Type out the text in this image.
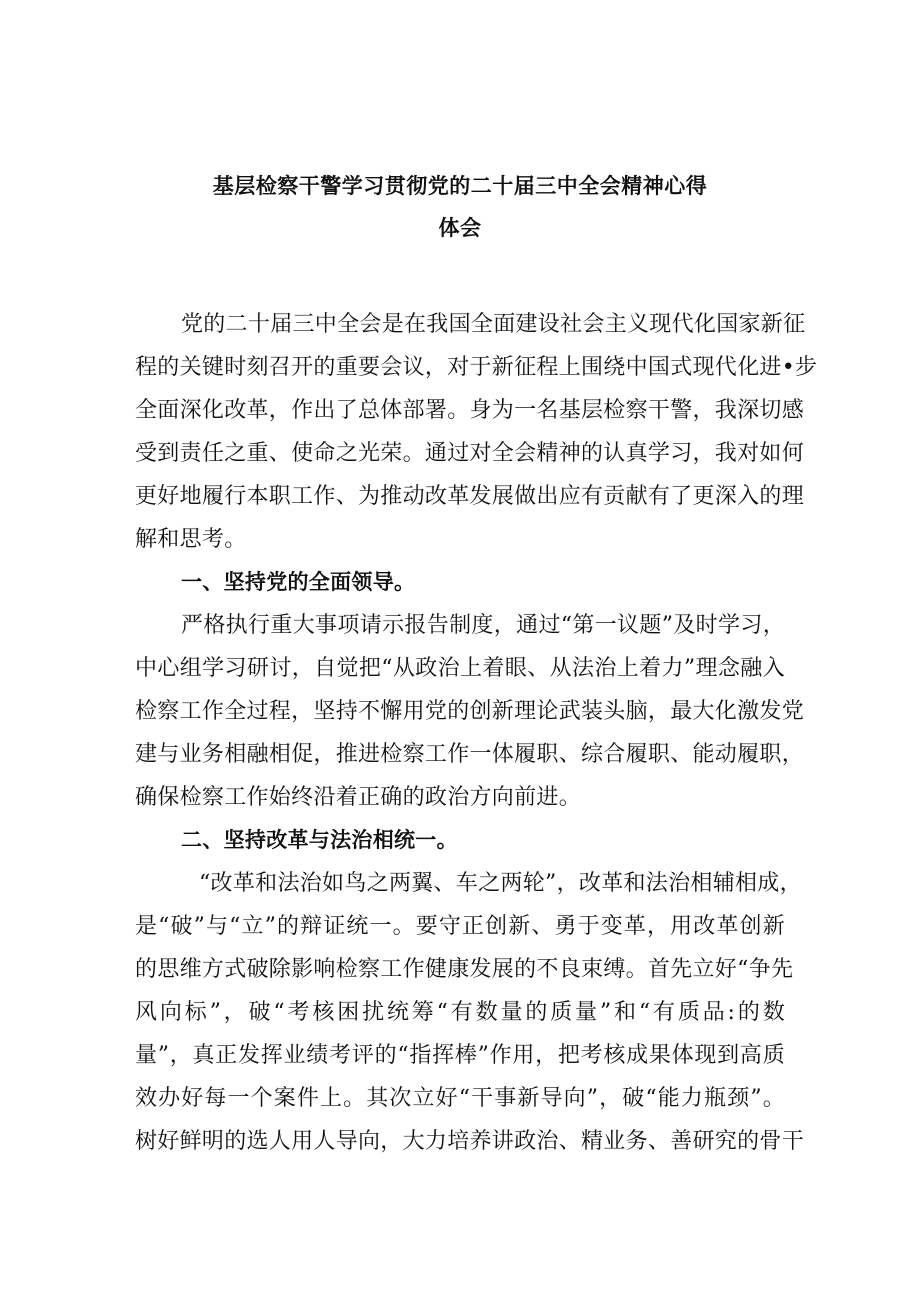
基层检察干警学习贯彻党的二十届三中全会精神心得
体会
党的二十届三中全会是在我国全面建设社会主义现代化国家新征
程的关键时刻召开的重要会议，对于新征程上围绕中国式现代化进•步
全面深化改革，作出了总体部署。身为一名基层检察干警，我深切感
受到责任之重、使命之光荣。通过对全会精神的认真学习，我对如何
更好地履行本职工作、为推动改革发展做出应有贡献有了更深入的理
解和思考。
一、坚持党的全面领导。
严格执行重大事项请示报告制度，通过“第一议题”及时学习，
中心组学习研讨，自觉把“从政治上着眼、从法治上着力”理念融入
检察工作全过程，坚持不懈用党的创新理论武装头脑，最大化激发党
建与业务相融相促，推进检察工作一体履职、综合履职、能动履职，
确保检察工作始终沿着正确的政治方向前进。
二、坚持改革与法治相统一。
“改革和法治如鸟之两翼、车之两轮”，改革和法治相辅相成，
是“破”与“立”的辩证统一。要守正创新、勇于变革，用改革创新
的思维方式破除影响检察工作健康发展的不良束缚。首先立好“争先
风向标”，破“考核困扰统筹“有数量的质量”和“有质品:的数
量”，真正发挥业绩考评的“指挥棒”作用，把考核成果体现到高质
效办好每一个案件上。其次立好“干事新导向”，破“能力瓶颈”。
树好鲜明的选人用人导向，大力培养讲政治、精业务、善研究的骨干
